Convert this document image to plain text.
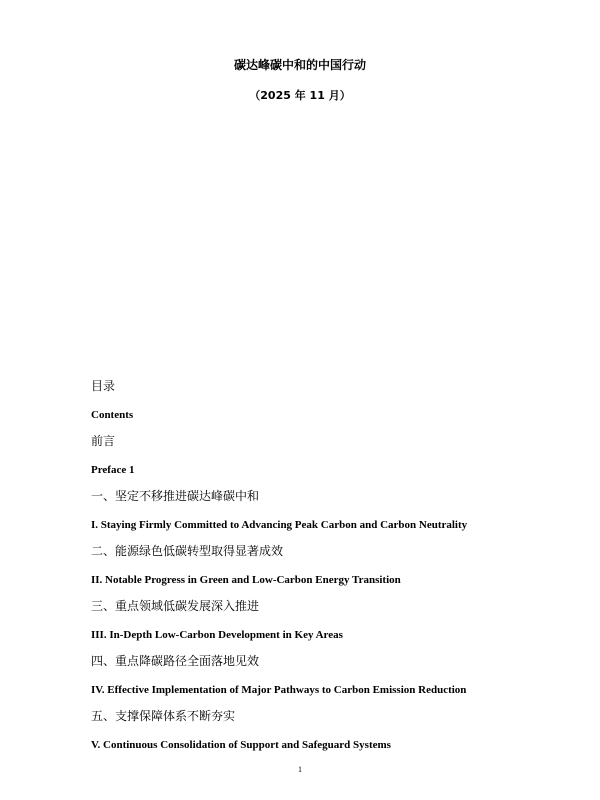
碳达峰碳中和的中国行动
（2025 年 11 月）
目录
Contents
前言
Preface 1
一、坚定不移推进碳达峰碳中和
I. Staying Firmly Committed to Advancing Peak Carbon and Carbon Neutrality
二、能源绿色低碳转型取得显著成效
II. Notable Progress in Green and Low-Carbon Energy Transition
三、重点领域低碳发展深入推进
III. In-Depth Low-Carbon Development in Key Areas
四、重点降碳路径全面落地见效
IV. Effective Implementation of Major Pathways to Carbon Emission Reduction
五、支撑保障体系不断夯实
V. Continuous Consolidation of Support and Safeguard Systems
1
